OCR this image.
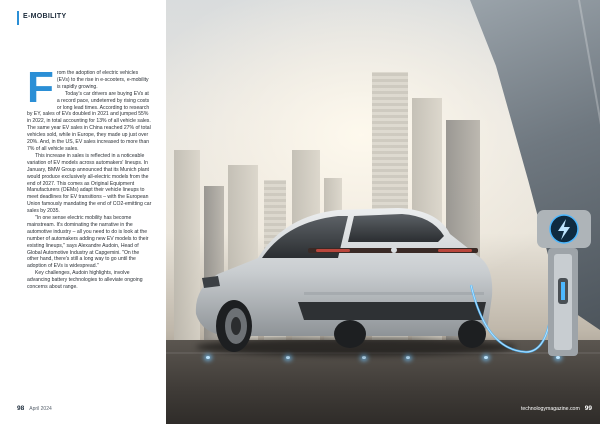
E-MOBILITY

From the adoption of electric vehicles (EVs) to the rise in e-scooters, e-mobility is rapidly growing.

Today's car drivers are buying EVs at a record pace, undeterred by rising costs or long lead times. According to research by EY, sales of EVs doubled in 2021 and jumped 55% in 2022, in total accounting for 13% of all vehicle sales. The same year EV sales in China reached 27% of total vehicles sold, while in Europe, they made up just over 20%. And, in the US, EV sales increased to more than 7% of all vehicle sales.

This increase in sales is reflected in a noticeable variation of EV models across automakers' lineups. In January, BMW Group announced that its Munich plant would produce exclusively all-electric models from the end of 2027. This comes as Original Equipment Manufacturers (OEMs) adapt their vehicle lineups to meet deadlines for EV transitions – with the European Union famously mandating the end of CO2-emitting car sales by 2035.

"In one sense electric mobility has become mainstream. It's dominating the narrative in the automotive industry – all you need to do is look at the number of automakers adding new EV models to their existing lineups," says Alexandre Audoin, Head of Global Automotive Industry at Capgemini. "On the other hand, there's still a long way to go until the adoption of EVs is widespread."

Key challenges, Audoin highlights, involve advancing battery technologies to alleviate ongoing concerns about range.

98 April 2024	technologymagazine.com 99
